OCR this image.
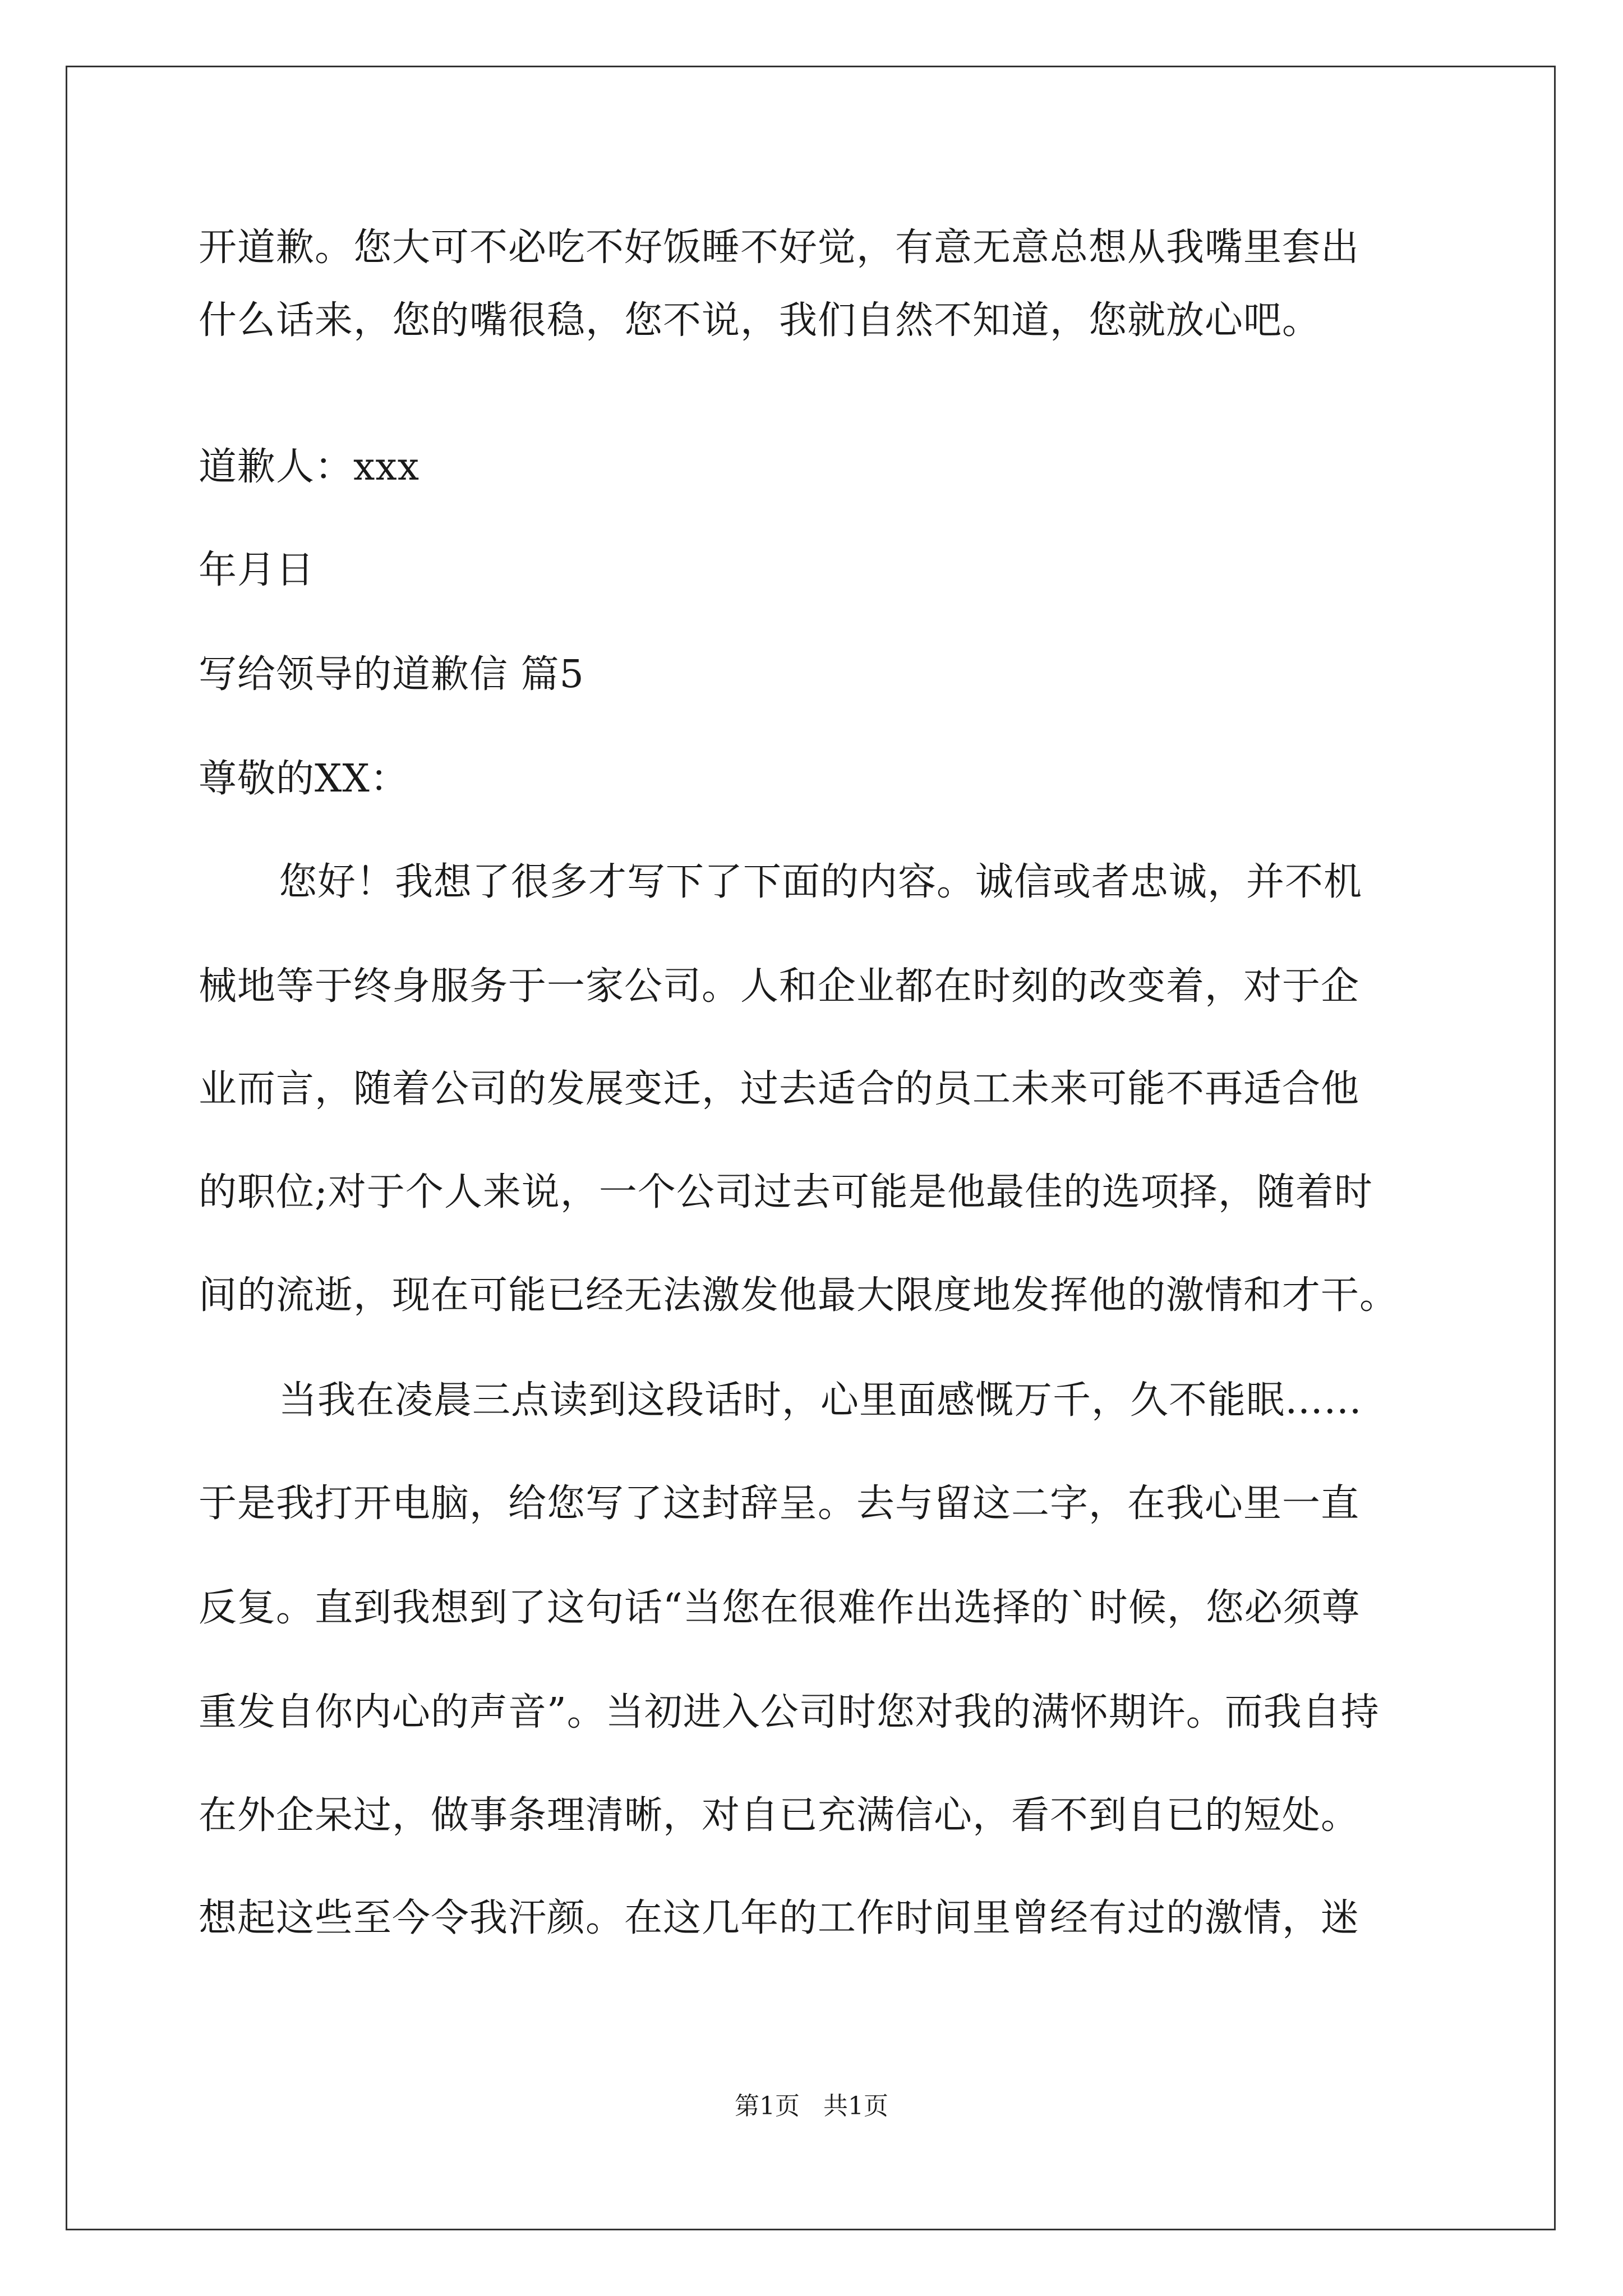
开道歉。您大可不必吃不好饭睡不好觉，有意无意总想从我嘴里套出
什么话来，您的嘴很稳，您不说，我们自然不知道，您就放心吧。
道歉人：xxx
年月日
写给领导的道歉信 篇5
尊敬的XX：
您好！我想了很多才写下了下面的内容。诚信或者忠诚，并不机
械地等于终身服务于一家公司。人和企业都在时刻的改变着，对于企
业而言，随着公司的发展变迁，过去适合的员工未来可能不再适合他
的职位;对于个人来说，一个公司过去可能是他最佳的选项择，随着时
间的流逝，现在可能已经无法激发他最大限度地发挥他的激情和才干。
当我在凌晨三点读到这段话时，心里面感慨万千，久不能眠……
于是我打开电脑，给您写了这封辞呈。去与留这二字，在我心里一直
反复。直到我想到了这句话“当您在很难作出选择的`时候，您必须尊
重发自你内心的声音”。当初进入公司时您对我的满怀期许。而我自持
在外企呆过，做事条理清晰，对自已充满信心，看不到自已的短处。
想起这些至今令我汗颜。在这几年的工作时间里曾经有过的激情，迷
第1页   共1页
